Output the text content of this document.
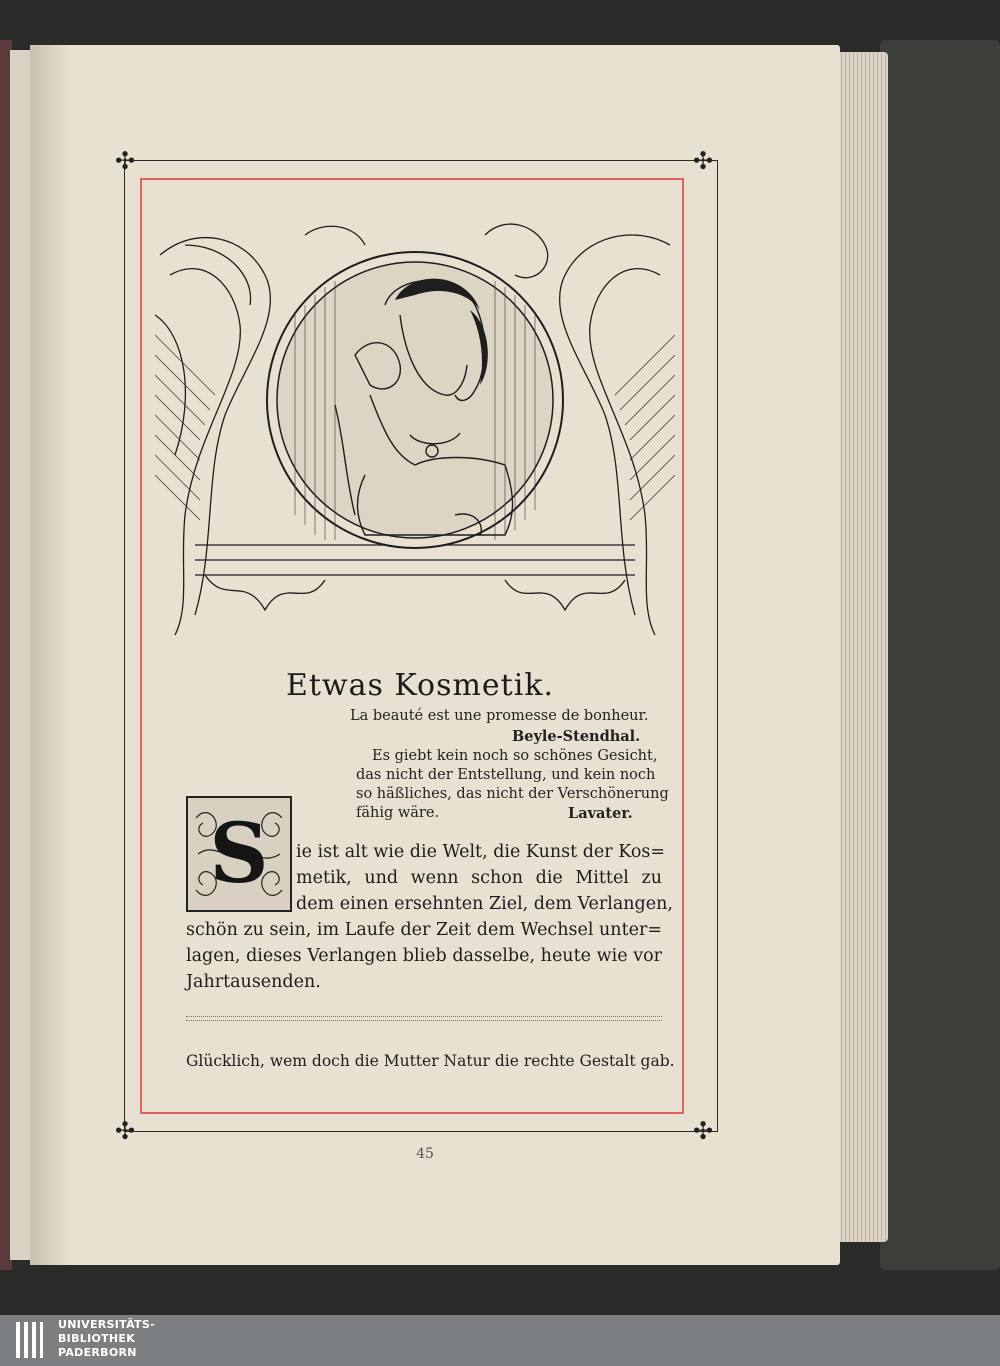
✣	✣
✣	✣
Etwas Kosmetik.
La beauté est une promesse de bonheur.
Beyle-Stendhal.
Es giebt kein noch so schönes Gesicht,
das nicht der Entstellung, und kein noch
so häßliches, das nicht der Verschönerung
fähig wäre.	Lavater.
S	ie ist alt wie die Welt, die Kunst der Kos=
metik, und wenn schon die Mittel zu
dem einen ersehnten Ziel, dem Verlangen,
schön zu sein, im Laufe der Zeit dem Wechsel unter=
lagen, dieses Verlangen blieb dasselbe, heute wie vor
Jahrtausenden.
Glücklich, wem doch die Mutter Natur die rechte Gestalt gab.
45
UNIVERSITÄTS-
BIBLIOTHEK
PADERBORN
